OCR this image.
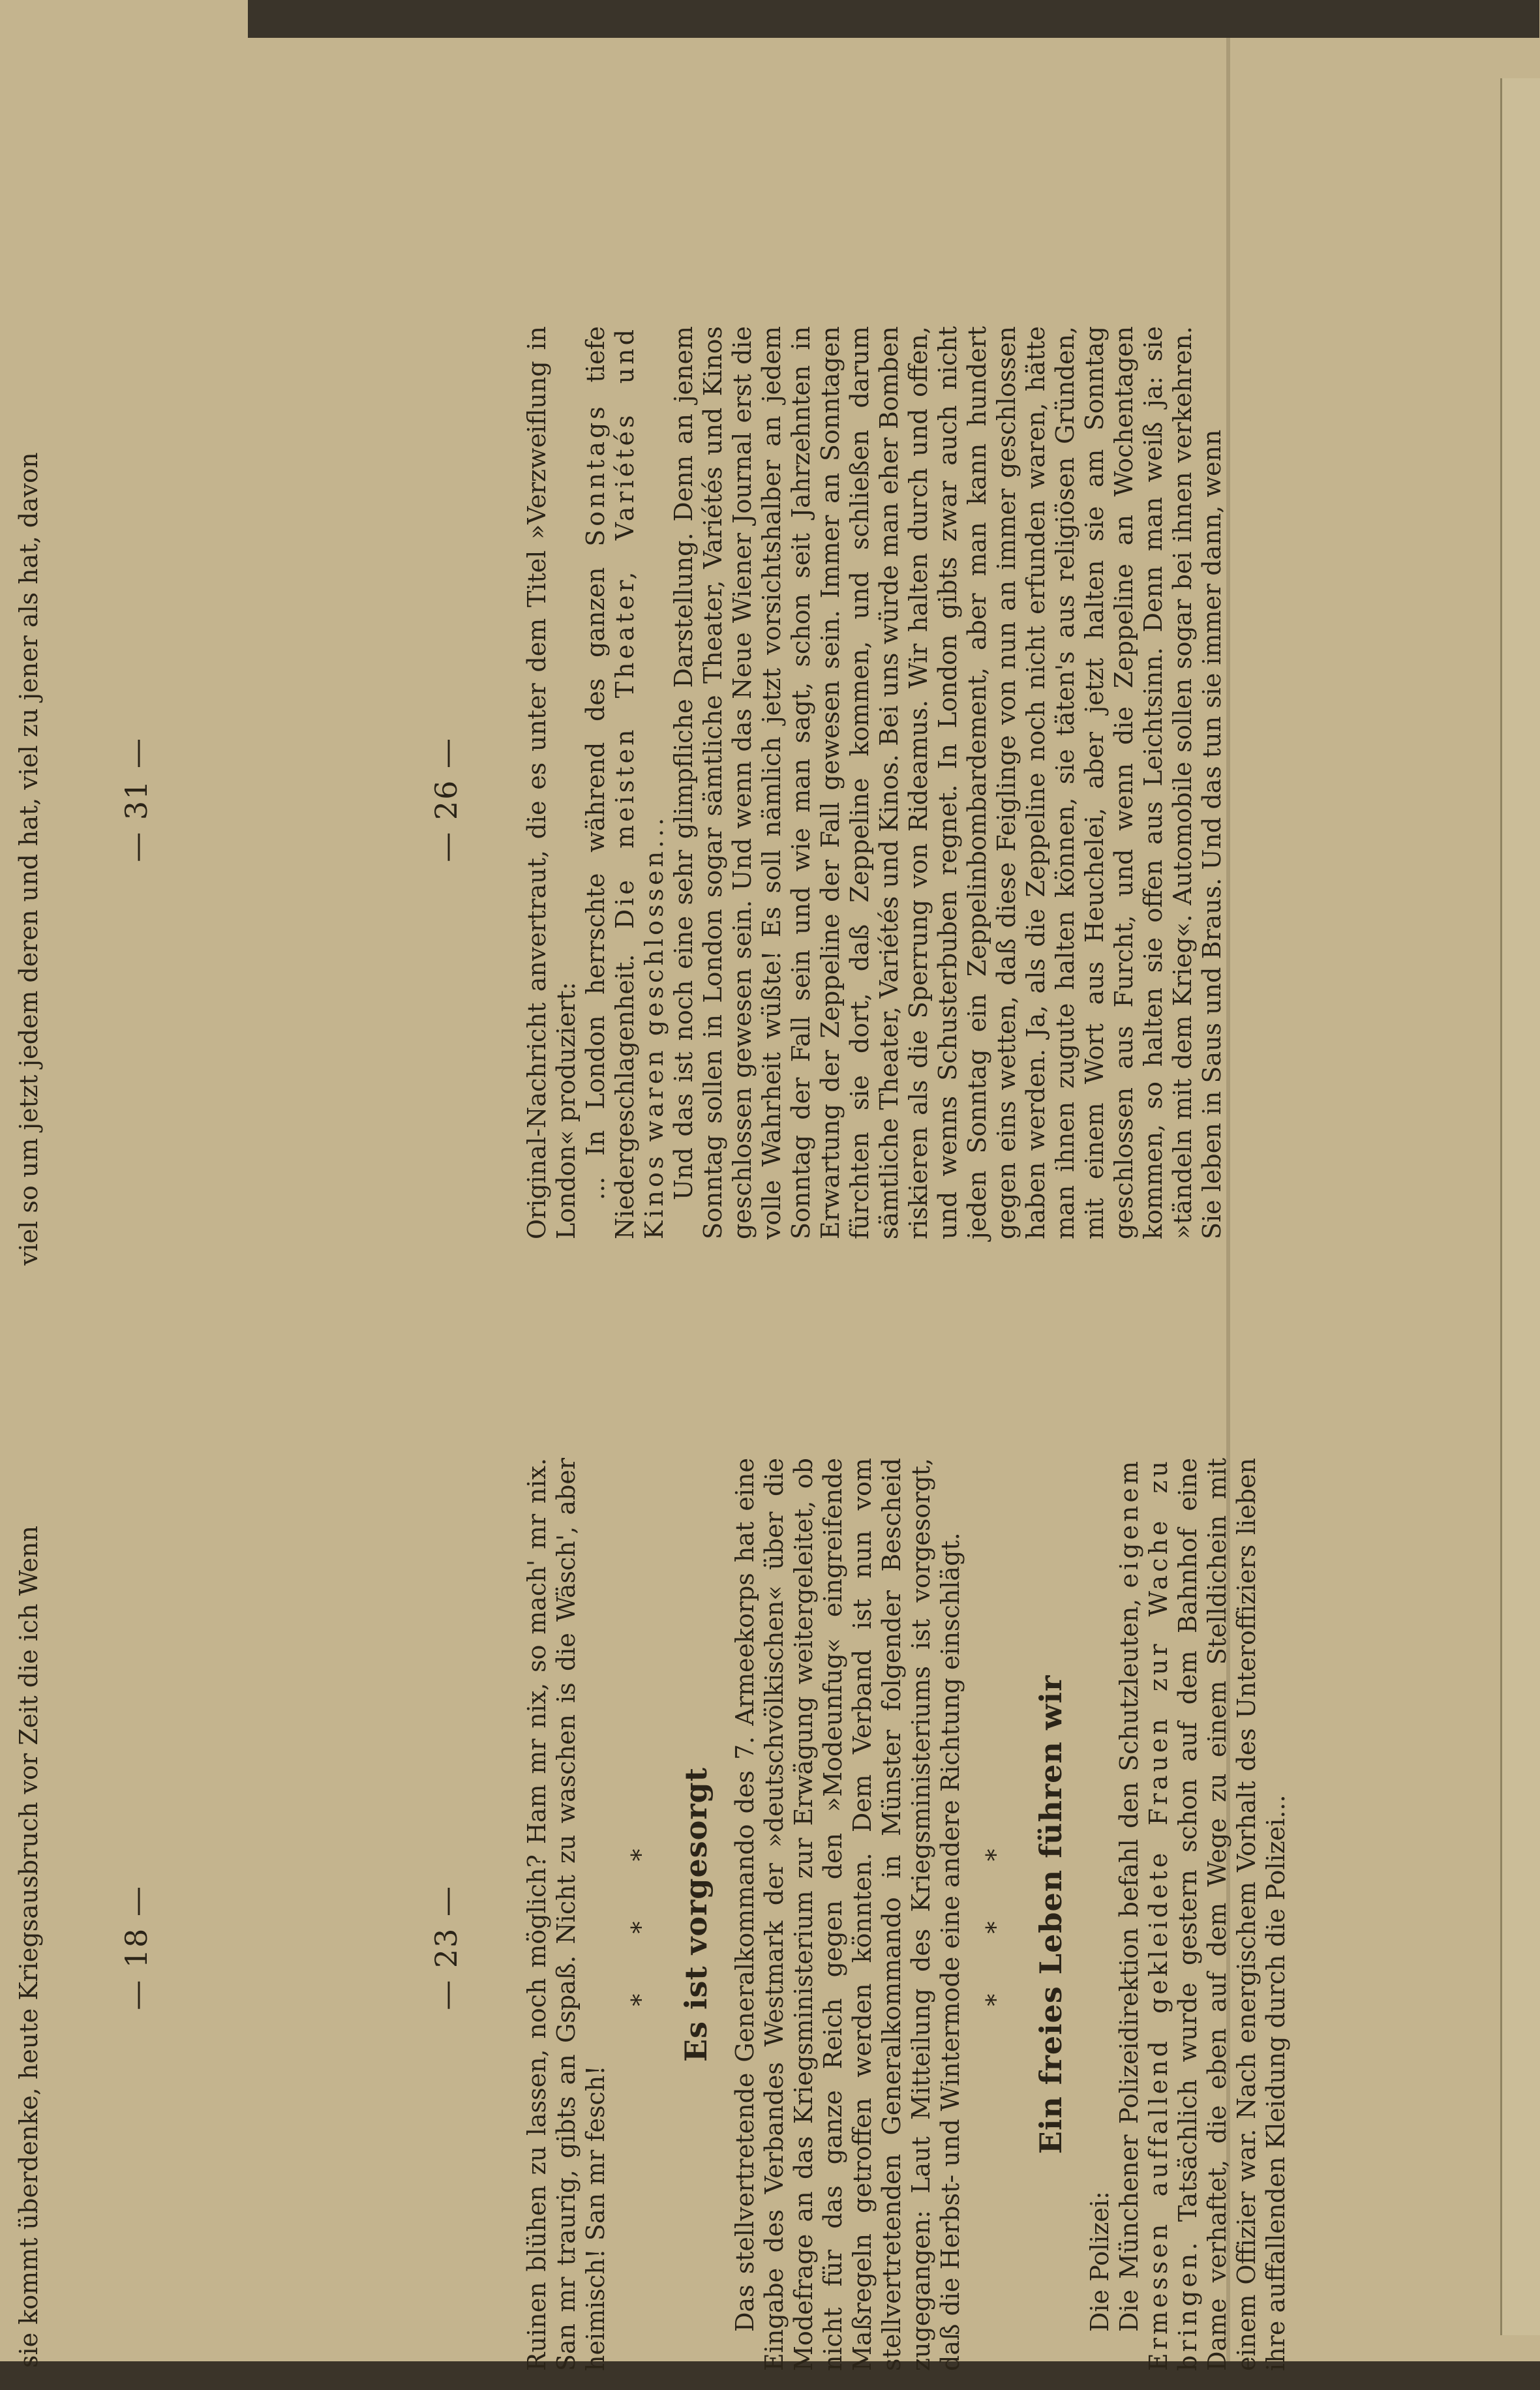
viel so um jetzt jedem deren und hat, viel zu jener als hat, davon
sie kommt überdenke, heute Kriegsausbruch vor Zeit die ich Wenn
— 31 —	— 26 —
— 18 —	— 23 —

Original-Nachricht anvertraut, die es unter dem Titel »Verzweiflung in London« produziert: ... In London herrschte während des ganzen Sonntags tiefe Niedergeschlagenheit. Die meisten Theater, Variétés und Kinos waren geschlossen... Und das ist noch eine sehr glimpfliche Darstellung. Denn an jenem Sonntag sollen in London sogar sämtliche Theater, Variétés und Kinos geschlossen gewesen sein. Und wenn das Neue Wiener Journal erst die volle Wahrheit wüßte! Es soll nämlich jetzt vorsichtshalber an jedem Sonntag der Fall sein und wie man sagt, schon seit Jahrzehnten in Erwartung der Zeppeline der Fall gewesen sein. Immer an Sonntagen fürchten sie dort, daß Zeppeline kommen, und schließen darum sämtliche Theater, Variétés und Kinos. Bei uns würde man eher Bomben riskieren als die Sperrung von Rideamus. Wir halten durch und offen, und wenns Schusterbuben regnet. In London gibts zwar auch nicht jeden Sonntag ein Zeppelinbombardement, aber man kann hundert gegen eins wetten, daß diese Feiglinge von nun an immer geschlossen haben werden. Ja, als die Zeppeline noch nicht erfunden waren, hätte man ihnen zugute halten können, sie täten's aus religiösen Gründen, mit einem Wort aus Heuchelei, aber jetzt halten sie am Sonntag geschlossen aus Furcht, und wenn die Zeppeline an Wochentagen kommen, so halten sie offen aus Leichtsinn. Denn man weiß ja: sie »tändeln mit dem Krieg«. Automobile sollen sogar bei ihnen verkehren. Sie leben in Saus und Braus. Und das tun sie immer dann, wenn

Ruinen blühen zu lassen, noch möglich? Ham mr nix, so mach' mr nix. San mr traurig, gibts an Gspaß. Nicht zu waschen is die Wäsch', aber heimisch! San mr fesch!

* * * Es ist vorgesorgt Das stellvertretende Generalkommando des 7. Armeekorps hat eine Eingabe des Verbandes Westmark der »deutschvölkischen« über die Modefrage an das Kriegsministerium zur Erwägung weitergeleitet, ob nicht für das ganze Reich gegen den »Modeunfug« eingreifende Maßregeln getroffen werden könnten. Dem Verband ist nun vom stellvertretenden Generalkommando in Münster folgender Bescheid zugegangen: Laut Mitteilung des Kriegsministeriums ist vorgesorgt, daß die Herbst- und Wintermode eine andere Richtung einschlägt. * * * Ein freies Leben führen wir

Die Polizei: Die Münchener Polizeidirektion befahl den Schutzleuten, eigenem Ermessen auffallend gekleidete Frauen zur Wache zu bringen. Tatsächlich wurde gestern schon auf dem Bahnhof eine Dame verhaftet, die eben auf dem Wege zu einem Stelldichein mit einem Offizier war. Nach energischem Vorhalt des Unteroffiziers lieben ihre auffallenden Kleidung durch die Polizei...
